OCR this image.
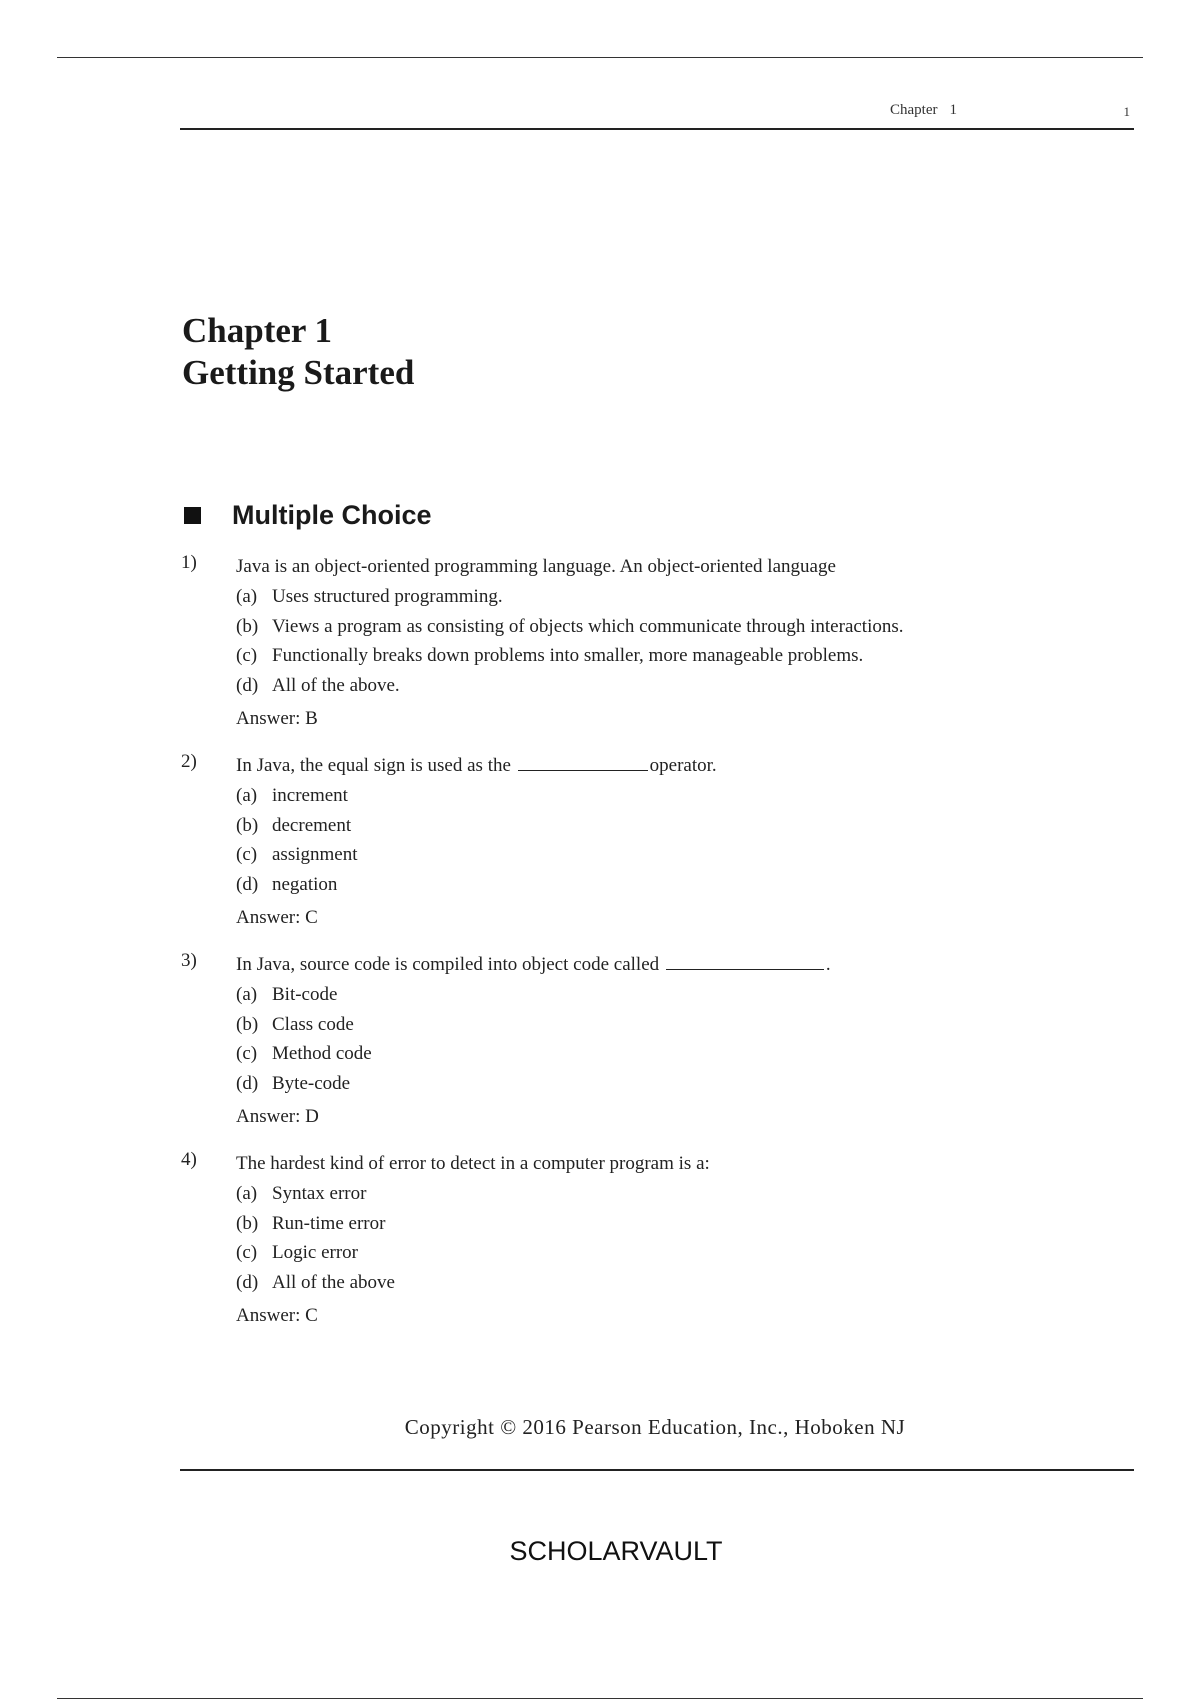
Chapter 1	1
Chapter 1
Getting Started
Multiple Choice
1) Java is an object-oriented programming language. An object-oriented language
(a) Uses structured programming.
(b) Views a program as consisting of objects which communicate through interactions.
(c) Functionally breaks down problems into smaller, more manageable problems.
(d) All of the above.
Answer: B
2) In Java, the equal sign is used as the	operator.
(a) increment
(b) decrement
(c) assignment
(d) negation
Answer: C
3) In Java, source code is compiled into object code called	.
(a) Bit-code
(b) Class code
(c) Method code
(d) Byte-code
Answer: D
4) The hardest kind of error to detect in a computer program is a:
(a) Syntax error
(b) Run-time error
(c) Logic error
(d) All of the above
Answer: C
Copyright © 2016 Pearson Education, Inc., Hoboken NJ
SCHOLARVAULT
